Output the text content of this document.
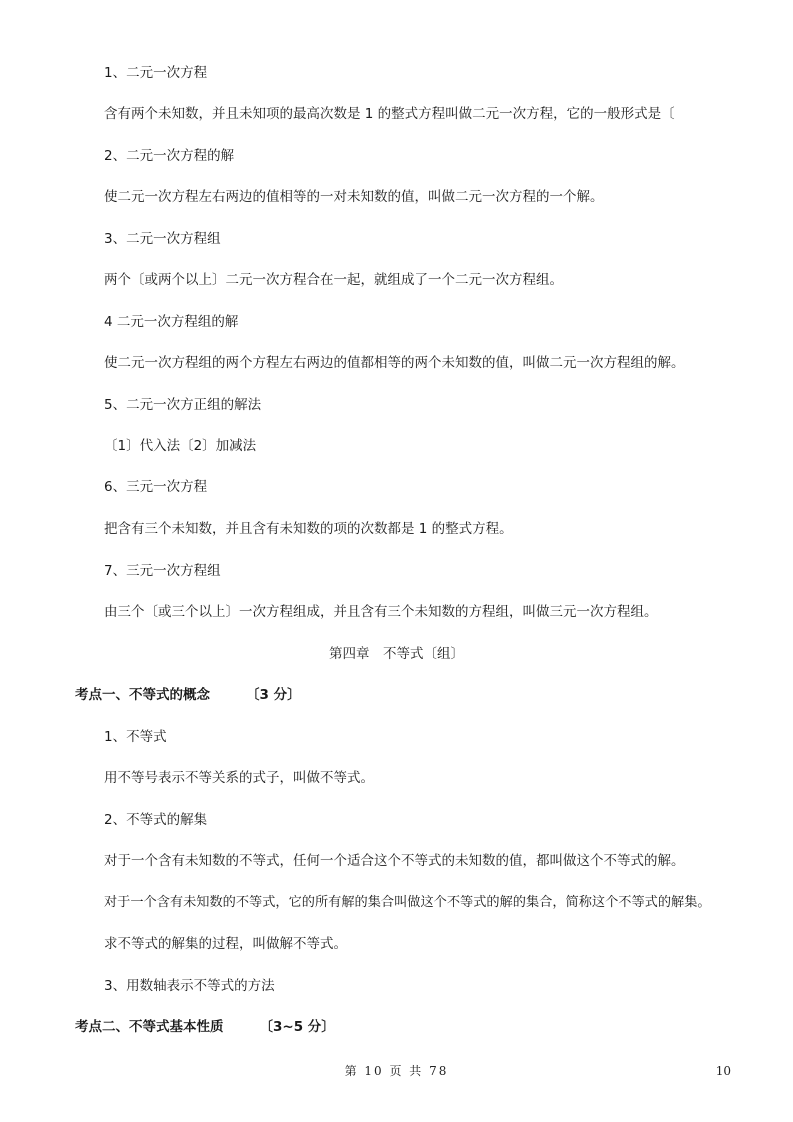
1、二元一次方程
含有两个未知数，并且未知项的最高次数是 1 的整式方程叫做二元一次方程，它的一般形式是〔
2、二元一次方程的解
使二元一次方程左右两边的值相等的一对未知数的值，叫做二元一次方程的一个解。
3、二元一次方程组
两个〔或两个以上〕二元一次方程合在一起，就组成了一个二元一次方程组。
4 二元一次方程组的解
使二元一次方程组的两个方程左右两边的值都相等的两个未知数的值，叫做二元一次方程组的解。
5、二元一次方正组的解法
〔1〕代入法〔2〕加减法
6、三元一次方程
把含有三个未知数，并且含有未知数的项的次数都是 1 的整式方程。
7、三元一次方程组
由三个〔或三个以上〕一次方程组成，并且含有三个未知数的方程组，叫做三元一次方程组。
第四章　不等式〔组〕
考点一、不等式的概念	〔3 分〕
1、不等式
用不等号表示不等关系的式子，叫做不等式。
2、不等式的解集
对于一个含有未知数的不等式，任何一个适合这个不等式的未知数的值，都叫做这个不等式的解。
对于一个含有未知数的不等式，它的所有解的集合叫做这个不等式的解的集合，简称这个不等式的解集。
求不等式的解集的过程，叫做解不等式。
3、用数轴表示不等式的方法
考点二、不等式基本性质	〔3~5 分〕
第 10 页 共 78	10
